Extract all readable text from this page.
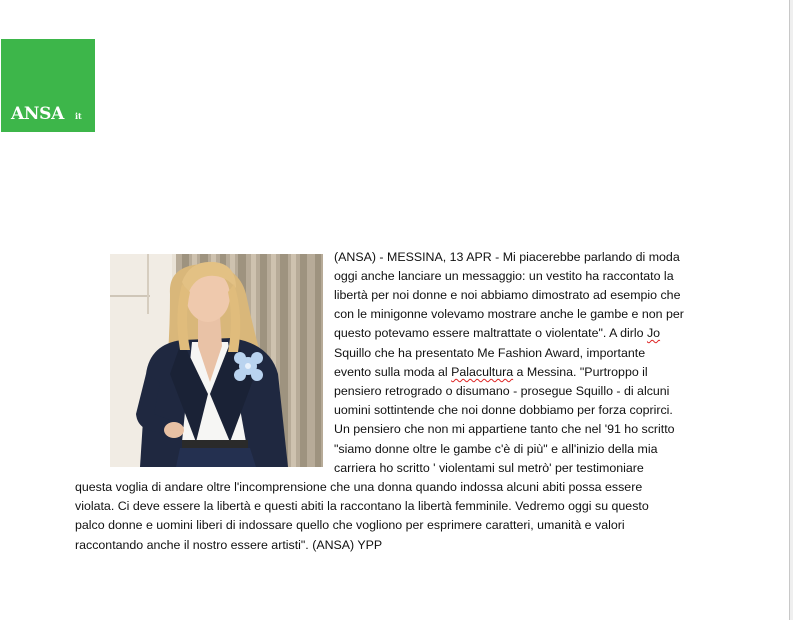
ANSA it

(ANSA) - MESSINA, 13 APR - Mi piacerebbe parlando di moda

oggi anche lanciare un messaggio: un vestito ha raccontato la

libertà per noi donne e noi abbiamo dimostrato ad esempio che

con le minigonne volevamo mostrare anche le gambe e non per

questo potevamo essere maltrattate o violentate". A dirlo Jo

Squillo che ha presentato Me Fashion Award, importante

evento sulla moda al Palacultura a Messina. "Purtroppo il

pensiero retrogrado o disumano - prosegue Squillo - di alcuni

uomini sottintende che noi donne dobbiamo per forza coprirci.

Un pensiero che non mi appartiene tanto che nel '91 ho scritto

"siamo donne oltre le gambe c'è di più" e all'inizio della mia

carriera ho scritto ' violentami sul metrò' per testimoniare

questa voglia di andare oltre l'incomprensione che una donna quando indossa alcuni abiti possa essere

violata. Ci deve essere la libertà e questi abiti la raccontano la libertà femminile. Vedremo oggi su questo

palco donne e uomini liberi di indossare quello che vogliono per esprimere caratteri, umanità e valori

raccontando anche il nostro essere artisti". (ANSA) YPP
